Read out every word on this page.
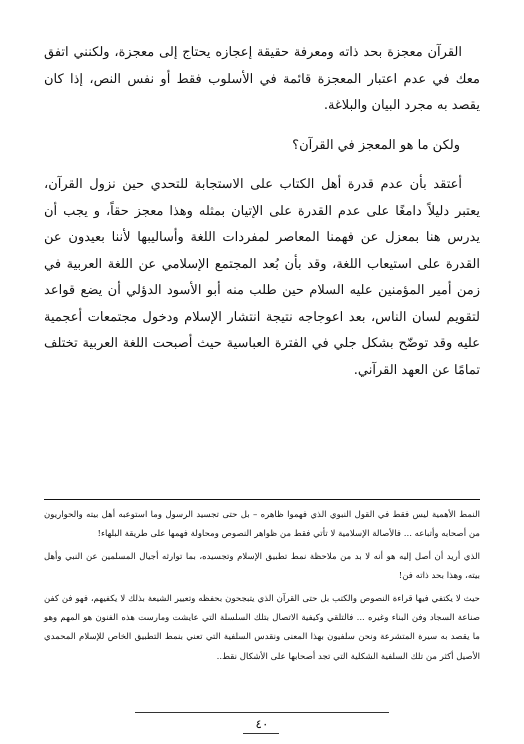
القرآن معجزة بحد ذاته ومعرفة حقيقة إعجازه يحتاج إلى معجزة، ولكنني اتفق معك في عدم اعتبار المعجزة قائمة في الأسلوب فقط أو نفس النص، إذا كان يقصد به مجرد البيان والبلاغة.

ولكن ما هو المعجز في القرآن؟

أعتقد بأن عدم قدرة أهل الكتاب على الاستجابة للتحدي حين نزول القرآن، يعتبر دليلاً دامغًا على عدم القدرة على الإتيان بمثله وهذا معجز حقاً، و يجب أن يدرس هنا بمعزل عن فهمنا المعاصر لمفردات اللغة وأساليبها لأننا بعيدون عن القدرة على استيعاب اللغة، وقد بأن بُعد المجتمع الإسلامي عن اللغة العربية في زمن أمير المؤمنين عليه السلام حين طلب منه أبو الأسود الدؤلي أن يضع قواعد لتقويم لسان الناس، بعد اعوجاجه نتيجة انتشار الإسلام ودخول مجتمعات أعجمية عليه وقد توضّح بشكل جلي في الفترة العباسية حيث أصبحت اللغة العربية تختلف تمامًا عن العهد القرآني.

النمط الأهمية ليس فقط في القول النبوي الذي فهموا ظاهره – بل حتى تجسيد الرسول وما استوعبه أهل بيته والحواريون من أصحابه وأتباعه ... فالأصالة الإسلامية لا تأتي فقط من ظواهر النصوص ومحاولة فهمها على طريقة البلهاء!

الذي أريد أن أصل إليه هو أنه لا بد من ملاحظة نمط تطبيق الإسلام وتجسيده، بما توارثه أجيال المسلمين عن النبي وأهل بيته، وهذا بحد ذاته فن!

حيث لا يكتفي فيها قراءة النصوص والكتب بل حتى القرآن الذي يتبجحون بحفظه وتعيير الشيعة بذلك لا يكفيهم، فهو فن كفن صناعة السجاد وفن البناء وغيره ... فالتلقي وكيفية الاتصال بتلك السلسلة التي عايشت ومارست هذه الفنون هو المهم وهو ما يقصد به سيرة المتشرعة ونحن سلفيون بهذا المعنى ونقدس السلفية التي تعني بنمط التطبيق الخاص للإسلام المحمدي الأصيل أكثر من تلك السلفية الشكلية التي تجد أصحابها على الأشكال نقط..

٤٠
